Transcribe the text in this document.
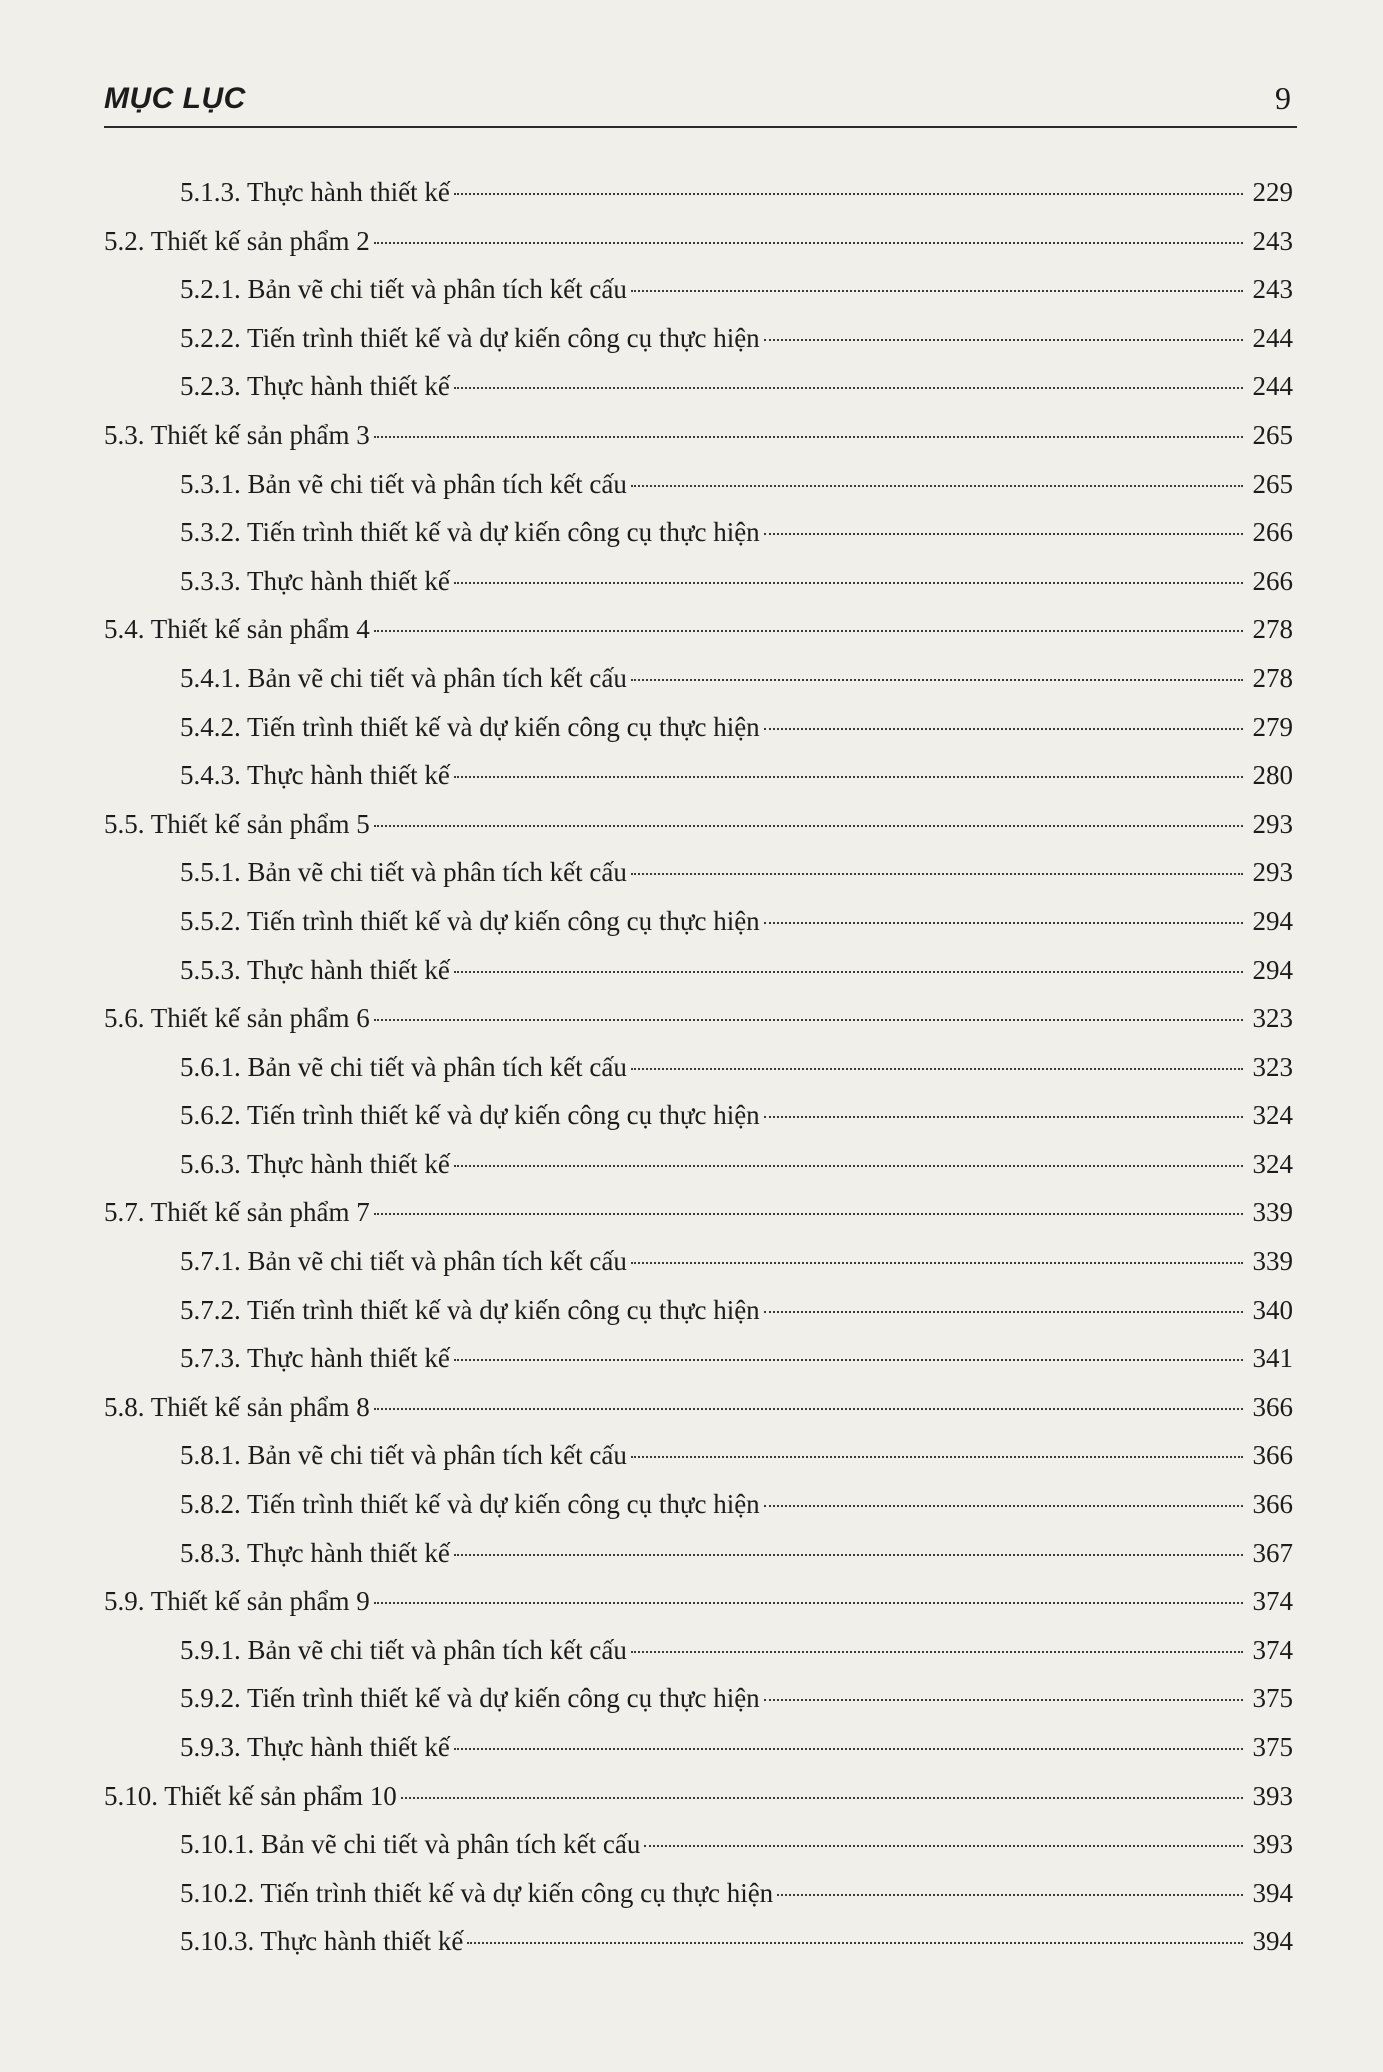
MỤC LỤC	9
5.1.3. Thực hành thiết kế	229
5.2. Thiết kế sản phẩm 2	243
5.2.1. Bản vẽ chi tiết và phân tích kết cấu	243
5.2.2. Tiến trình thiết kế và dự kiến công cụ thực hiện	244
5.2.3. Thực hành thiết kế	244
5.3. Thiết kế sản phẩm 3	265
5.3.1. Bản vẽ chi tiết và phân tích kết cấu	265
5.3.2. Tiến trình thiết kế và dự kiến công cụ thực hiện	266
5.3.3. Thực hành thiết kế	266
5.4. Thiết kế sản phẩm 4	278
5.4.1. Bản vẽ chi tiết và phân tích kết cấu	278
5.4.2. Tiến trình thiết kế và dự kiến công cụ thực hiện	279
5.4.3. Thực hành thiết kế	280
5.5. Thiết kế sản phẩm 5	293
5.5.1. Bản vẽ chi tiết và phân tích kết cấu	293
5.5.2. Tiến trình thiết kế và dự kiến công cụ thực hiện	294
5.5.3. Thực hành thiết kế	294
5.6. Thiết kế sản phẩm 6	323
5.6.1. Bản vẽ chi tiết và phân tích kết cấu	323
5.6.2. Tiến trình thiết kế và dự kiến công cụ thực hiện	324
5.6.3. Thực hành thiết kế	324
5.7. Thiết kế sản phẩm 7	339
5.7.1. Bản vẽ chi tiết và phân tích kết cấu	339
5.7.2. Tiến trình thiết kế và dự kiến công cụ thực hiện	340
5.7.3. Thực hành thiết kế	341
5.8. Thiết kế sản phẩm 8	366
5.8.1. Bản vẽ chi tiết và phân tích kết cấu	366
5.8.2. Tiến trình thiết kế và dự kiến công cụ thực hiện	366
5.8.3. Thực hành thiết kế	367
5.9. Thiết kế sản phẩm 9	374
5.9.1. Bản vẽ chi tiết và phân tích kết cấu	374
5.9.2. Tiến trình thiết kế và dự kiến công cụ thực hiện	375
5.9.3. Thực hành thiết kế	375
5.10. Thiết kế sản phẩm 10	393
5.10.1. Bản vẽ chi tiết và phân tích kết cấu	393
5.10.2. Tiến trình thiết kế và dự kiến công cụ thực hiện	394
5.10.3. Thực hành thiết kế	394
